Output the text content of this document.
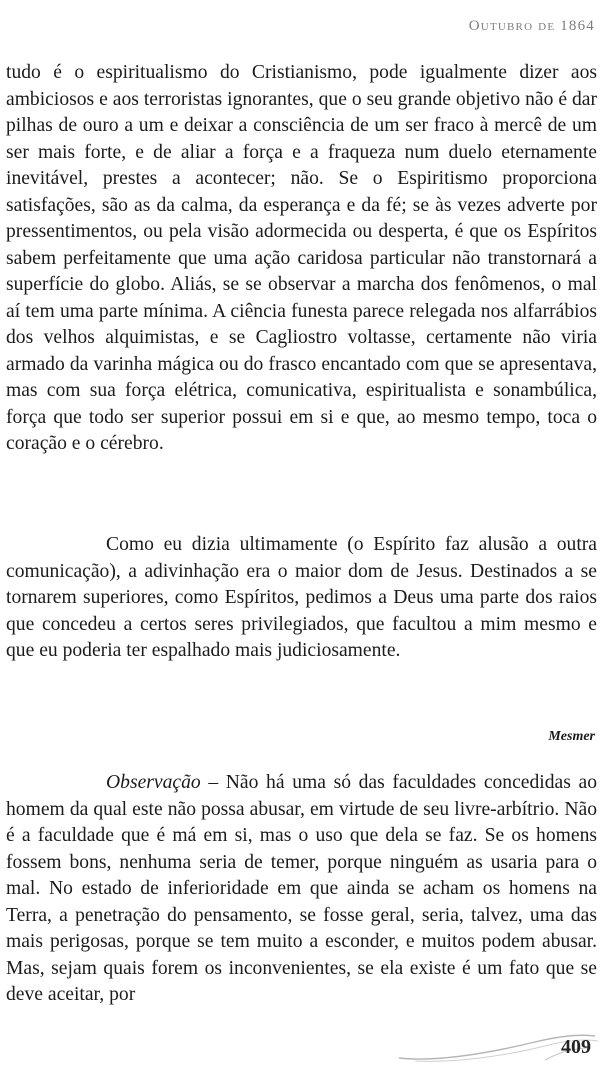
Outubro de 1864
tudo é o espiritualismo do Cristianismo, pode igualmente dizer aos ambiciosos e aos terroristas ignorantes, que o seu grande objetivo não é dar pilhas de ouro a um e deixar a consciência de um ser fraco à mercê de um ser mais forte, e de aliar a força e a fraqueza num duelo eternamente inevitável, prestes a acontecer; não. Se o Espiritismo proporciona satisfações, são as da calma, da esperança e da fé; se às vezes adverte por pressentimentos, ou pela visão adormecida ou desperta, é que os Espíritos sabem perfeitamente que uma ação caridosa particular não transtornará a superfície do globo. Aliás, se se observar a marcha dos fenômenos, o mal aí tem uma parte mínima. A ciência funesta parece relegada nos alfarrábios dos velhos alquimistas, e se Cagliostro voltasse, certamente não viria armado da varinha mágica ou do frasco encantado com que se apresentava, mas com sua força elétrica, comunicativa, espiritualista e sonambúlica, força que todo ser superior possui em si e que, ao mesmo tempo, toca o coração e o cérebro.
Como eu dizia ultimamente (o Espírito faz alusão a outra comunicação), a adivinhação era o maior dom de Jesus. Destinados a se tornarem superiores, como Espíritos, pedimos a Deus uma parte dos raios que concedeu a certos seres privilegiados, que facultou a mim mesmo e que eu poderia ter espalhado mais judiciosamente.
Mesmer
Observação – Não há uma só das faculdades concedidas ao homem da qual este não possa abusar, em virtude de seu livre-arbítrio. Não é a faculdade que é má em si, mas o uso que dela se faz. Se os homens fossem bons, nenhuma seria de temer, porque ninguém as usaria para o mal. No estado de inferioridade em que ainda se acham os homens na Terra, a penetração do pensamento, se fosse geral, seria, talvez, uma das mais perigosas, porque se tem muito a esconder, e muitos podem abusar. Mas, sejam quais forem os inconvenientes, se ela existe é um fato que se deve aceitar, por
409
